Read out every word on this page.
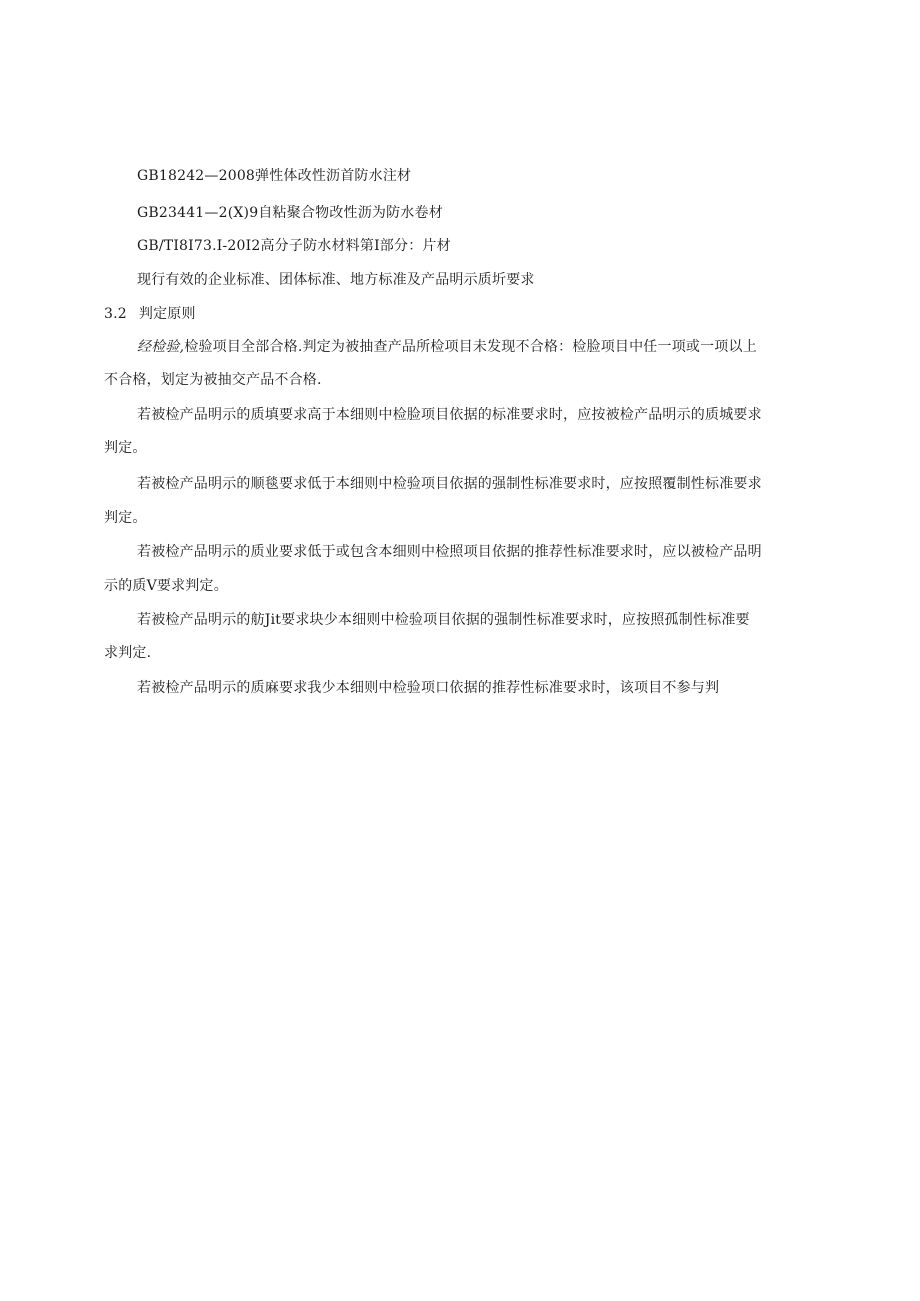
GB18242—2008弹性体改性沥首防水注材
GB23441—2(X)9自粘聚合物改性沥为防水卷材
GB/TI8I73.I-20I2高分子防水材料第I部分：片材
现行有效的企业标准、团体标准、地方标准及产品明示质圻要求
3.2 判定原则
经检验,检验项目全部合格.判定为被抽查产品所检项目未发现不合格：检脸项目中任一项或一项以上
不合格，划定为被抽交产品不合格.
若被检产品明示的质填要求高于本细则中检脸项目依据的标准要求时，应按被检产品明示的质城要求
判定。
若被检产品明示的顺毯要求低于本细则中检验项目依据的强制性标准要求时，应按照覆制性标准要求
判定。
若被检产品明示的质业要求低于或包含本细则中检照项目依据的推荐性标准要求时，应以被检产品明
示的质V要求判定。
若被检产品明示的舫Jit要求块少本细则中检验项目依据的强制性标准要求时，应按照孤制性标准要
求判定.
若被检产品明示的质麻要求我少本细则中检验项口依据的推荐性标准要求时，该项目不参与判
